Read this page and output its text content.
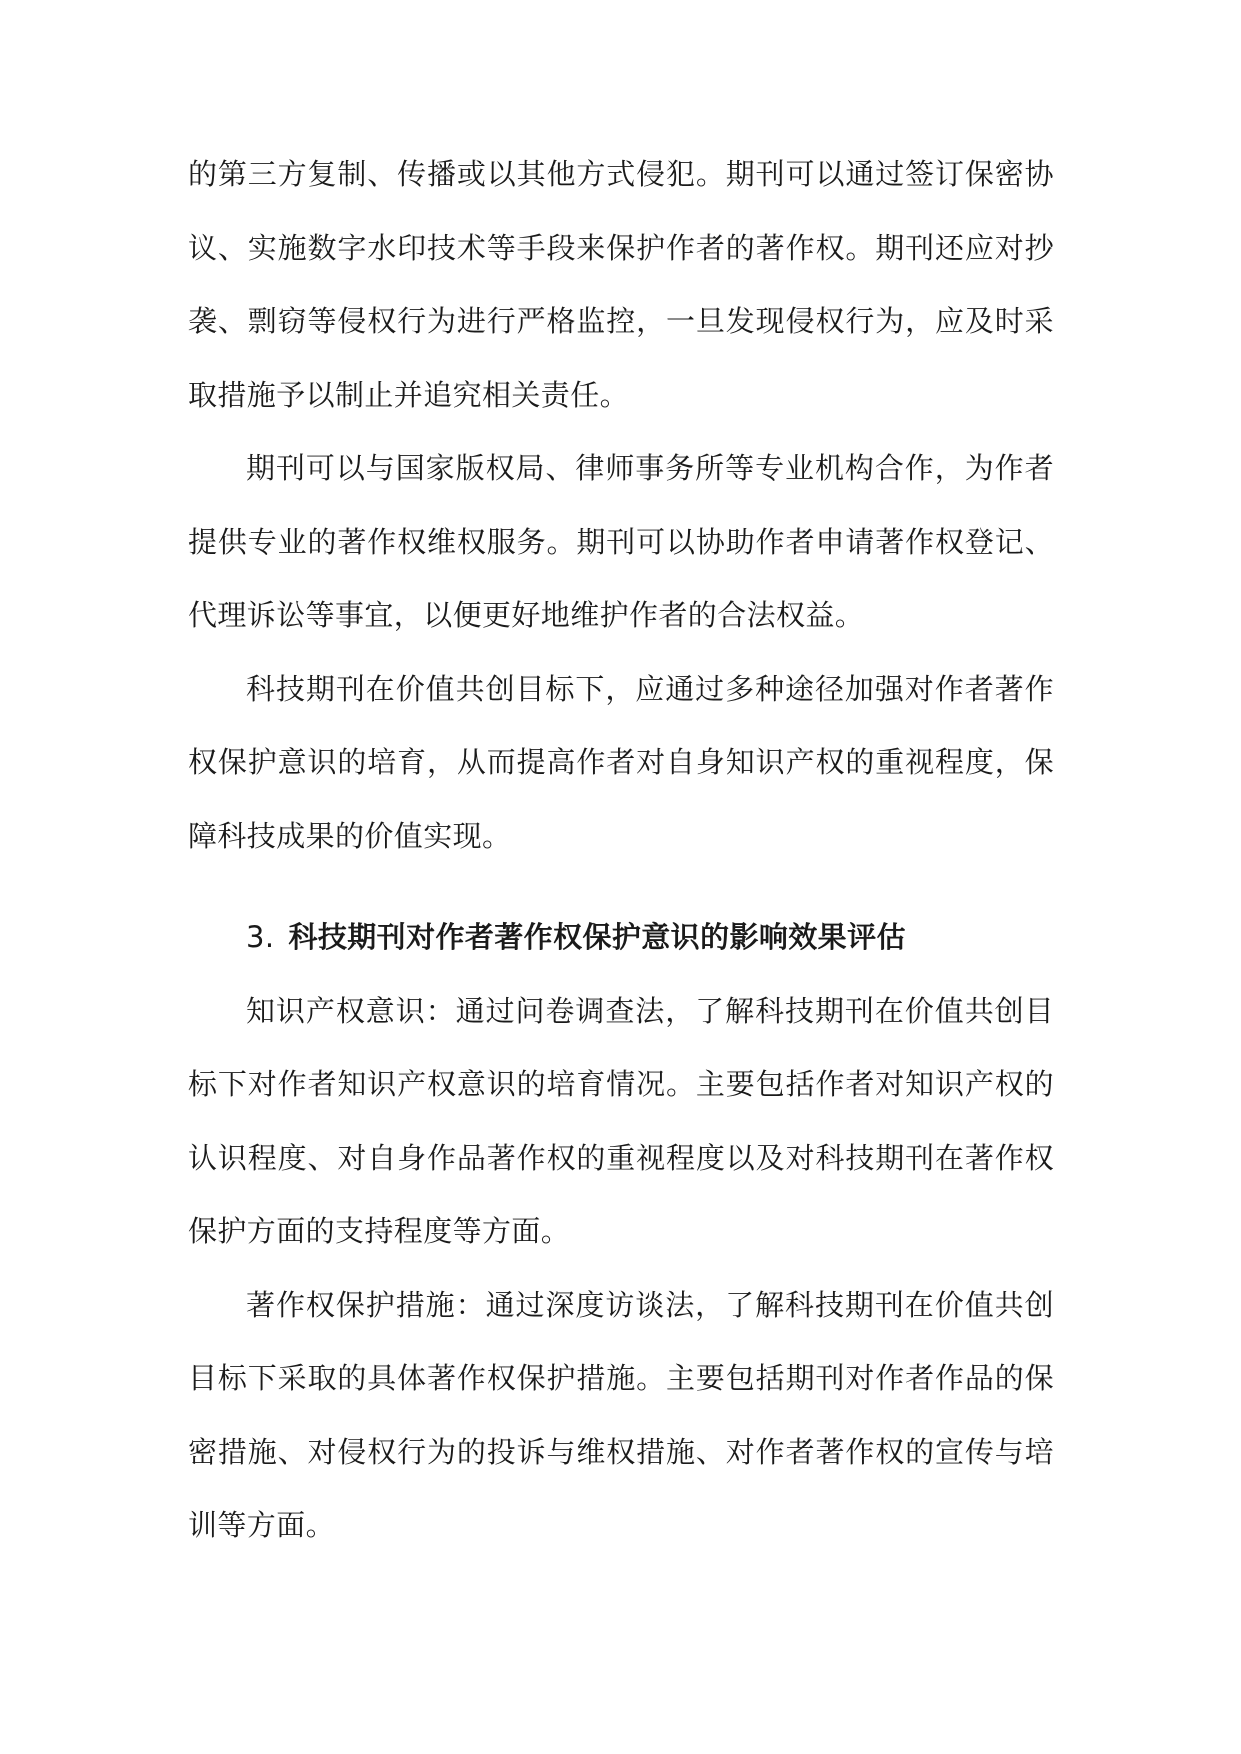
的第三方复制、传播或以其他方式侵犯。期刊可以通过签订保密协议、实施数字水印技术等手段来保护作者的著作权。期刊还应对抄袭、剽窃等侵权行为进行严格监控，一旦发现侵权行为，应及时采取措施予以制止并追究相关责任。

期刊可以与国家版权局、律师事务所等专业机构合作，为作者提供专业的著作权维权服务。期刊可以协助作者申请著作权登记、代理诉讼等事宜，以便更好地维护作者的合法权益。

科技期刊在价值共创目标下，应通过多种途径加强对作者著作权保护意识的培育，从而提高作者对自身知识产权的重视程度，保障科技成果的价值实现。

3. 科技期刊对作者著作权保护意识的影响效果评估

知识产权意识：通过问卷调查法，了解科技期刊在价值共创目标下对作者知识产权意识的培育情况。主要包括作者对知识产权的认识程度、对自身作品著作权的重视程度以及对科技期刊在著作权保护方面的支持程度等方面。

著作权保护措施：通过深度访谈法，了解科技期刊在价值共创目标下采取的具体著作权保护措施。主要包括期刊对作者作品的保密措施、对侵权行为的投诉与维权措施、对作者著作权的宣传与培训等方面。
